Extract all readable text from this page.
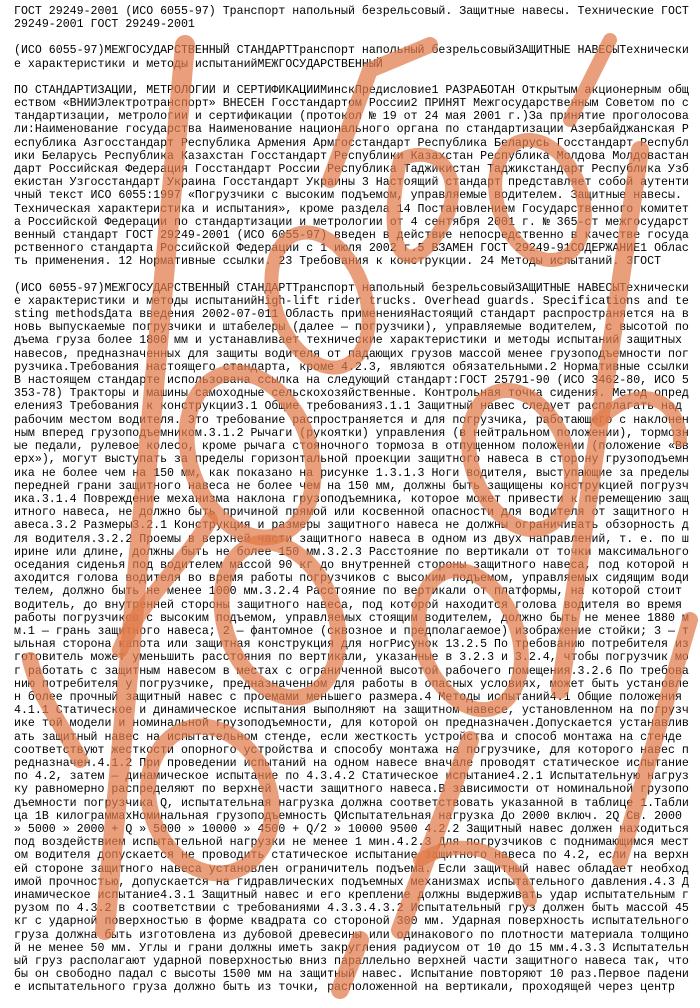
ГОСТ 29249-2001 (ИСО 6055-97) Транспорт напольный безрельсовый. Защитные навесы. Технические ГОСТ 29249-2001 ГОСТ 29249-2001

(ИСО 6055-97)МЕЖГОСУДАРСТВЕННЫЙ СТАНДАРТТранспорт напольный безрельсовыйЗАЩИТНЫЕ НАВЕСЫТехнические характеристики и методы испытанийМЕЖГОСУДАРСТВЕННЫЙ

ПО СТАНДАРТИЗАЦИИ, МЕТРОЛОГИИ И СЕРТИФИКАЦИИМинскПредисловие1 РАЗРАБОТАН Открытым акционерным обществом «ВНИИЭлектротранспорт» ВНЕСЕН Госстандартом России2 ПРИНЯТ Межгосударственным Советом по стандартизации, метрологии и сертификации (протокол № 19 от 24 мая 2001 г.)За принятие проголосовали:Наименование государства Наименование национального органа по стандартизации Азербайджанская Республика Азгосстандарт Республика Армения Армгосстандарт Республика Беларусь Госстандарт Республики Беларусь Республика Казахстан Госстандарт Республики Казахстан Республика Молдова Молдовастандарт Российская Федерация Госстандарт России Республика Таджикистан Таджикстандарт Республика Узбекистан Узгосстандарт Украина Госстандарт Украины 3 Настоящий стандарт представляет собой аутентичный текст ИСО 6055:1997 «Погрузчики с высоким подъемом, управляемые водителем. Защитные навесы. Техническая характеристика и испытания», кроме раздела 14 Постановлением Государственного комитета Российской Федерации по стандартизации и метрологии от 4 сентября 2001 г. № 365-ст межгосударственный стандарт ГОСТ 29249-2001 (ИСО 6055-97) введен в действие непосредственно в качестве государственного стандарта Российской Федерации с 1 июля 2002 г.5 ВЗАМЕН ГОСТ 29249-91СОДЕРЖАНИЕ1 Область применения. 12 Нормативные ссылки. 23 Требования к конструкции. 24 Методы испытаний. 3ГОСТ

(ИСО 6055-97)МЕЖГОСУДАРСТВЕННЫЙ СТАНДАРТТранспорт напольный безрельсовыйЗАЩИТНЫЕ НАВЕСЫТехнические характеристики и методы испытанийHigh-lift rider trucks. Overhead guards. Specifications and testing methodsДата введения 2002-07-011 Область примененияНастоящий стандарт распространяется на вновь выпускаемые погрузчики и штабелеры (далее — погрузчики), управляемые водителем, с высотой подъема груза более 1800 мм и устанавливает технические характеристики и методы испытаний защитных навесов, предназначенных для защиты водителя от падающих грузов массой менее грузоподъемности погрузчика.Требования настоящего стандарта, кроме 4.2.3, являются обязательными.2 Нормативные ссылкиВ настоящем стандарте использована ссылка на следующий стандарт:ГОСТ 25791-90 (ИСО 3462-80, ИСО 5353-78) Тракторы и машины самоходные сельскохозяйственные. Контрольная точка сидения. Метод определения3 Требования к конструкции3.1 Общие требования3.1.1 Защитный навес следует располагать над рабочим местом водителя. Это требование распространяется и для погрузчика, работающего с наклоненным вперед грузоподъемником.3.1.2 Рычаги (рукоятки) управления (в нейтральном положении), тормозные педали, рулевое колесо, кроме рычага стояночного тормоза в отпущенном положении (положение «Вверх»), могут выступать за пределы горизонтальной проекции защитного навеса в сторону грузоподъемника не более чем на 150 мм, как показано на рисунке 1.3.1.3 Ноги водителя, выступающие за пределы передней грани защитного навеса не более чем на 150 мм, должны быть защищены конструкцией погрузчика.3.1.4 Повреждение механизма наклона грузоподъемника, которое может привести к перемещению защитного навеса, не должно быть причиной прямой или косвенной опасности для водителя от защитного навеса.3.2 Размеры3.2.1 Конструкция и размеры защитного навеса не должны ограничивать обзорность для водителя.3.2.2 Проемы в верхней части защитного навеса в одном из двух направлений, т. е. по ширине или длине, должны быть не более 150 мм.3.2.3 Расстояние по вертикали от точки максимального оседания сиденья под водителем массой 90 кг до внутренней стороны защитного навеса, под которой находится голова водителя во время работы погрузчиков с высоким подъемом, управляемых сидящим водителем, должно быть не менее 1000 мм.3.2.4 Расстояние по вертикали от платформы, на которой стоит водитель, до внутренней стороны защитного навеса, под которой находится голова водителя во время работы погрузчиков с высоким подъемом, управляемых стоящим водителем, должно быть не менее 1880 мм.1 — грань защитного навеса; 2 — фантомное (сквозное и предполагаемое) изображение стойки; 3 — тыльная сторона капота или защитная конструкция для ногРисунок 13.2.5 По требованию потребителя изготовитель может уменьшить расстояния по вертикали, указанные в 3.2.3 и 3.2.4, чтобы погрузчик мог работать с защитным навесом в местах с ограниченной высотой рабочего помещения.3.2.6 По требованию потребителя у погрузчике, предназначенном для работы в опасных условиях, может быть установлен более прочный защитный навес с проемами меньшего размера.4 Методы испытаний4.1 Общие положения4.1.1 Статическое и динамическое испытания выполняют на защитном навесе, установленном на погрузчике той модели и номинальной грузоподъемности, для которой он предназначен.Допускается устанавливать защитный навес на испытательном стенде, если жесткость устройства и способ монтажа на стенде соответствуют жесткости опорного устройства и способу монтажа на погрузчике, для которого навес предназначен.4.1.2 При проведении испытаний на одном навесе вначале проводят статическое испытание по 4.2, затем — динамическое испытание по 4.3.4.2 Статическое испытание4.2.1 Испытательную нагрузку равномерно распределяют по верхней части защитного навеса.В зависимости от номинальной грузоподъемности погрузчика Q, испытательная нагрузка должна соответствовать указанной в таблице 1.Таблица 1В килограммахНоминальная грузоподъемность QИспытательная нагрузка До 2000 включ. 2Q Св. 2000 » 5000 » 2000 + Q » 5000 » 10000 » 4500 + Q/2 » 10000 9500 4.2.2 Защитный навес должен находиться под воздействием испытательной нагрузки не менее 1 мин.4.2.3 Для погрузчиков с поднимающимся местом водителя допускается не проводить статическое испытание защитного навеса по 4.2, если на верхней стороне защитного навеса установлен ограничитель подъема. Если защитный навес обладает необходимой прочностью, допускается на гидравлических подъемных механизмах испытательного давления.4.3 Динамическое испытание4.3.1 Защитный навес и его крепление должны выдерживать удар испытательным грузом по 4.3.2 в соответствии с требованиями 4.3.3.4.3.2 Испытательный груз должен быть массой 45 кг с ударной поверхностью в форме квадрата со стороной 300 мм. Ударная поверхность испытательного груза должна быть изготовлена из дубовой древесины или одинакового по плотности материала толщиной не менее 50 мм. Углы и грани должны иметь закругления радиусом от 10 до 15 мм.4.3.3 Испытательный груз располагают ударной поверхностью вниз параллельно верхней части защитного навеса так, чтобы он свободно падал с высоты 1500 мм на защитный навес. Испытание повторяют 10 раз.Первое падение испытательного груза должно быть из точки, расположенной на вертикали, проходящей через центр
